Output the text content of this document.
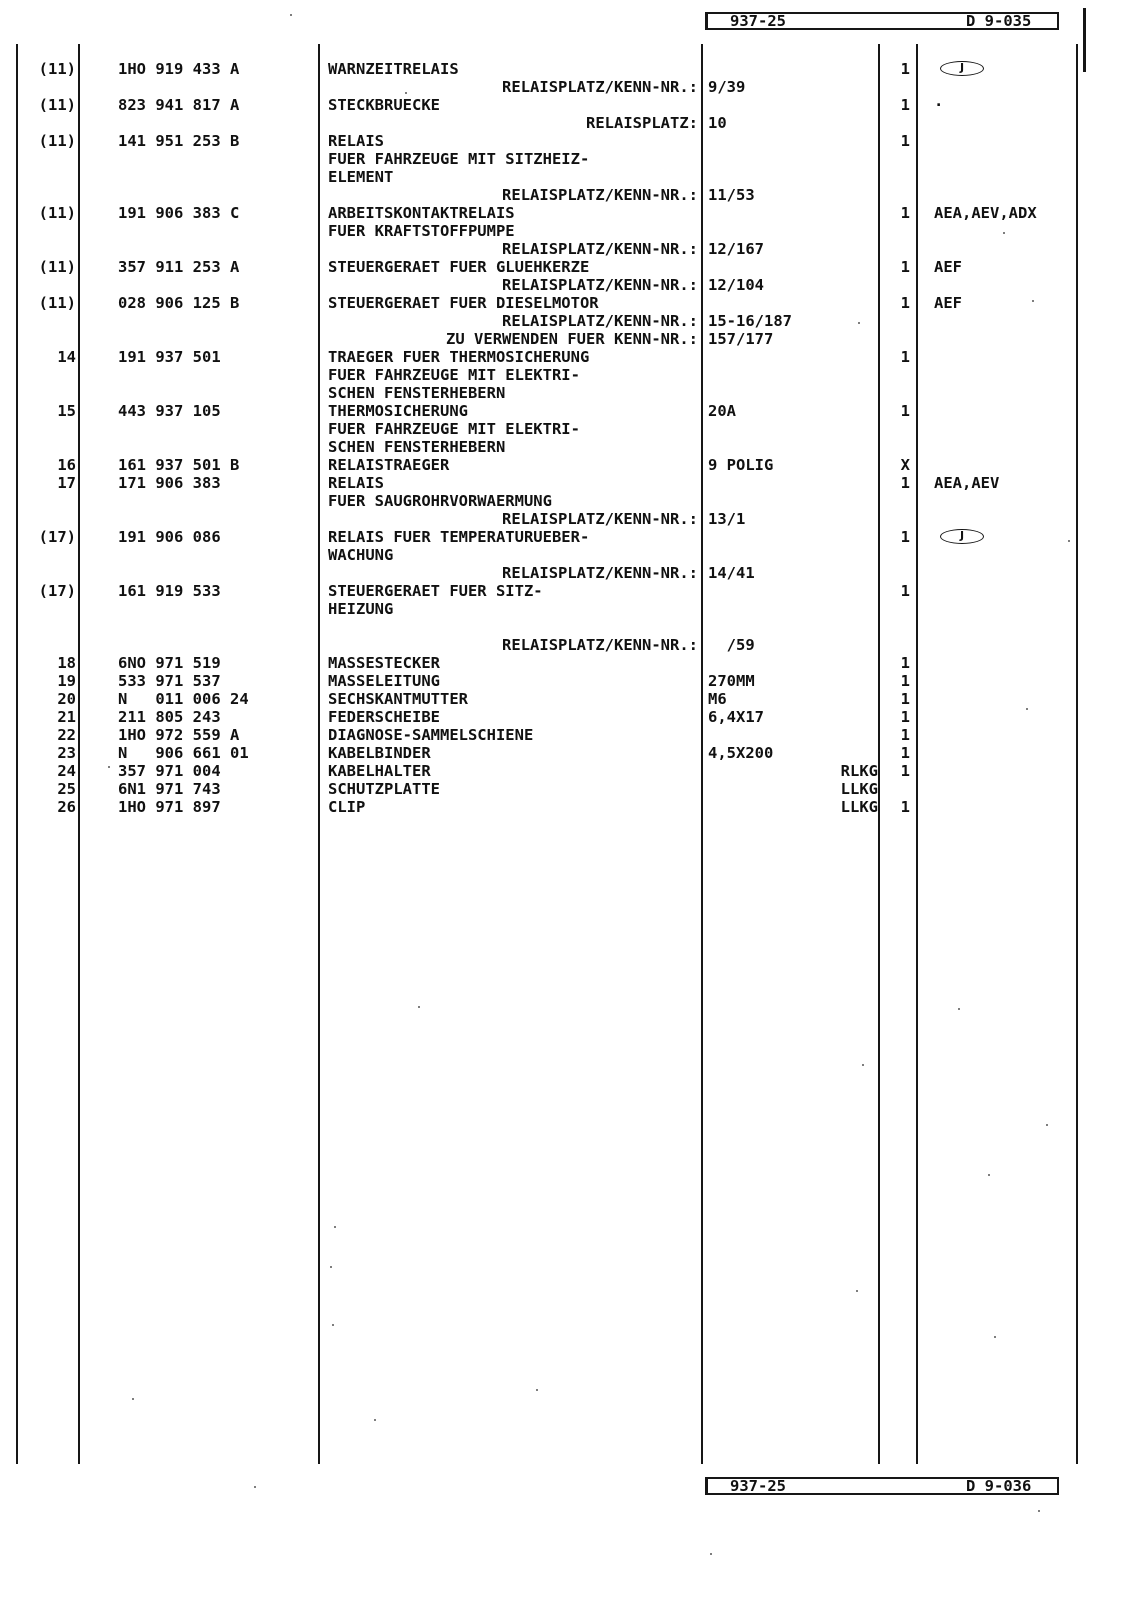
937-25	D 9-035
(11)	1HO 919 433 A	WARNZEITRELAIS	1	J
RELAISPLATZ/KENN-NR.: 9/39
(11)	823 941 817 A	STECKBRUECKE	1 ·
RELAISPLATZ: 10
(11)	141 951 253 B	RELAIS	1
FUER FAHRZEUGE MIT SITZHEIZ-
ELEMENT
RELAISPLATZ/KENN-NR.: 11/53
(11)	191 906 383 C	ARBEITSKONTAKTRELAIS	1 AEA,AEV,ADX
FUER KRAFTSTOFFPUMPE
RELAISPLATZ/KENN-NR.: 12/167
(11)	357 911 253 A	STEUERGERAET FUER GLUEHKERZE	1 AEF
RELAISPLATZ/KENN-NR.: 12/104
(11)	028 906 125 B	STEUERGERAET FUER DIESELMOTOR	1 AEF
RELAISPLATZ/KENN-NR.: 15-16/187
ZU VERWENDEN FUER KENN-NR.: 157/177
14	191 937 501	TRAEGER FUER THERMOSICHERUNG	1
FUER FAHRZEUGE MIT ELEKTRI-
SCHEN FENSTERHEBERN
15	443 937 105	THERMOSICHERUNG	20A	1
FUER FAHRZEUGE MIT ELEKTRI-
SCHEN FENSTERHEBERN
16	161 937 501 B	RELAISTRAEGER	9 POLIG	X
17	171 906 383	RELAIS	1 AEA,AEV
FUER SAUGROHRVORWAERMUNG
RELAISPLATZ/KENN-NR.: 13/1
(17)	191 906 086	RELAIS FUER TEMPERATURUEBER-	1	J
WACHUNG
RELAISPLATZ/KENN-NR.: 14/41
(17)	161 919 533	STEUERGERAET FUER SITZ-	1
HEIZUNG
RELAISPLATZ/KENN-NR.: /59
18	6NO 971 519	MASSESTECKER	1
19	533 971 537	MASSELEITUNG	270MM	1
20	N   011 006 24	SECHSKANTMUTTER	M6	1
21	211 805 243	FEDERSCHEIBE	6,4X17	1
22	1HO 972 559 A	DIAGNOSE-SAMMELSCHIENE	1
23	N   906 661 01	KABELBINDER	4,5X200	1
24	357 971 004	KABELHALTER	RLKG	1
25	6N1 971 743	SCHUTZPLATTE	LLKG
26	1HO 971 897	CLIP	LLKG	1
937-25	D 9-036
